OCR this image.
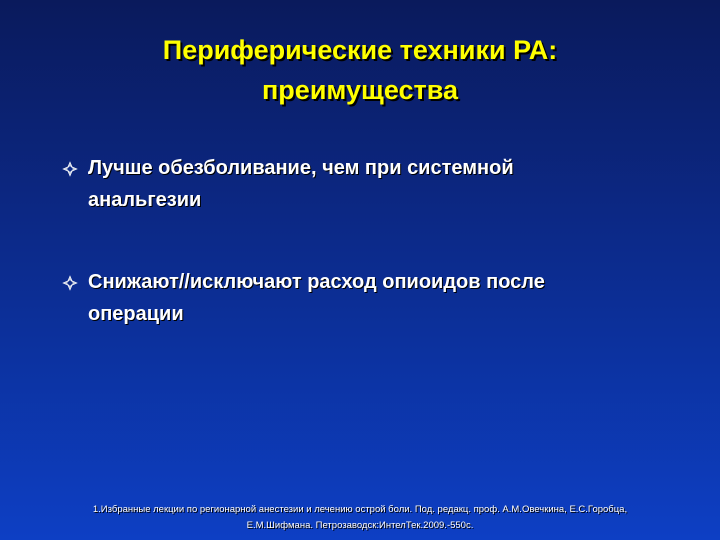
Периферические техники РА:
преимущества
Лучше обезболивание, чем при системной
анальгезии
Снижают//исключают расход опиоидов после
операции
1.Избранные лекции по регионарной анестезии и лечению острой боли. Под. редакц. проф. А.М.Овечкина, Е.С.Горобца,
Е.М.Шифмана. Петрозаводск:ИнтелТек.2009.-550с.
